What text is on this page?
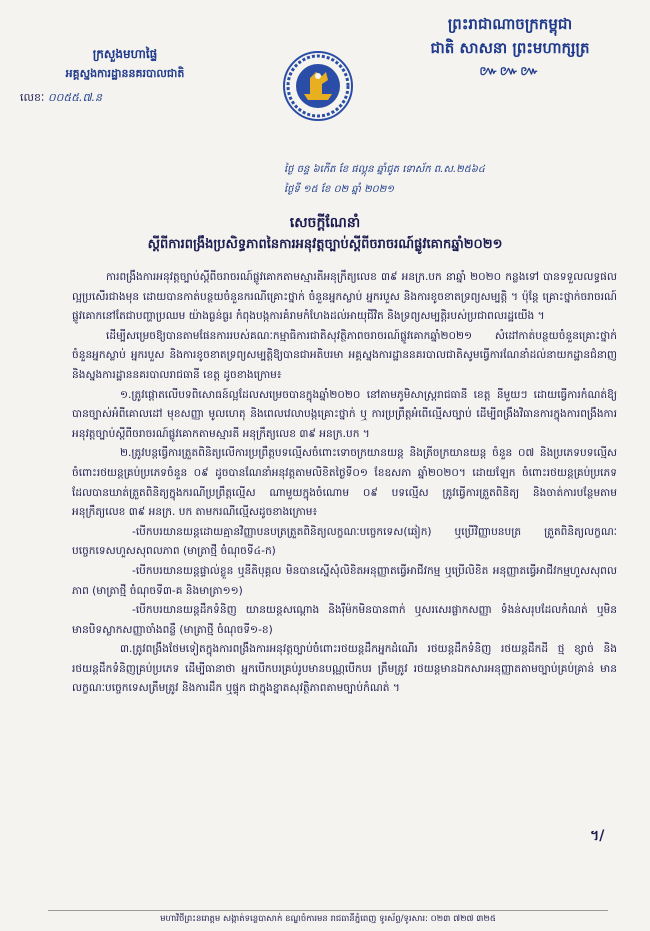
ព្រះរាជាណាចក្រកម្ពុជា
ជាតិ សាសនា ព្រះមហាក្សត្រ
៚៚៚
ក្រសួងមហាផ្ទៃ
អគ្គស្នងការដ្ឋាននគរបាលជាតិ
លេខៈ ០០៥៥.៧.ន
ថ្ងៃ ចន្ទ ៦កើត ខែ ផល្គុន ឆ្នាំជូត ទោស័ក ព.ស.២៥៦៤
ថ្ងៃទី ១៥ ខែ ០២ ឆ្នាំ ២០២១
សេចក្តីណែនាំ
ស្តីពីការពង្រឹងប្រសិទ្ធភាពនៃការអនុវត្តច្បាប់ស្តីពីចរាចរណ៍ផ្លូវគោកឆ្នាំ២០២១

ការពង្រឹងការអនុវត្តច្បាប់ស្តីពីចរាចរណ៍ផ្លូវគោកតាមស្មារតីអនុក្រឹត្យលេខ ៣៩ អនក្រ.បក នាឆ្នាំ ២០២០ កន្លងទៅ បានទទួលលទ្ធផលល្អប្រសើរជាងមុន ដោយបានកាត់បន្ថយចំនួនករណីគ្រោះថ្នាក់ ចំនួនអ្នកស្លាប់ អ្នករបួស និងការខូចខាតទ្រព្យសម្បត្តិ ។ ប៉ុន្តែ គ្រោះថ្នាក់ចរាចរណ៍ផ្លូវគោកនៅតែជាបញ្ហាប្រឈម យ៉ាងធ្ងន់ធ្ងរ កំពុងបង្កការគំរាមកំហែងដល់អាយុជីវិត និងទ្រព្យសម្បត្តិរបស់ប្រជាពលរដ្ឋយើង ។

ដើម្បីសម្រេចឱ្យបានតាមផែនការរបស់គណៈកម្មាធិការជាតិសុវត្ថិភាពចរាចរណ៍ផ្លូវគោកឆ្នាំ២០២១ សំដៅកាត់បន្ថយចំនួនគ្រោះថ្នាក់ ចំនួនអ្នកស្លាប់ អ្នករបួស និងការខូចខាតទ្រព្យសម្បត្តិឱ្យបានជាអតិបរមា អគ្គស្នងការដ្ឋាននគរបាលជាតិសូមធ្វើការណែនាំដល់នាយកដ្ឋានជំនាញ និងស្នងការដ្ឋាននគរបាលរាជធានី ខេត្ត ដូចខាងក្រោម៖

១.ត្រូវផ្តោតលើបទពិសោធន៍ល្អដែលសម្រេចបានក្នុងឆ្នាំ២០២០ នៅតាមភូមិសាស្ត្ររាជធានី ខេត្ត នីមួយៗ ដោយធ្វើការកំណត់ឱ្យបានច្បាស់អំពីគោលដៅ មុខសញ្ញា មូលហេតុ និងពេលវេលាបង្កគ្រោះថ្នាក់ ឬ ការប្រព្រឹត្តអំពើល្មើសច្បាប់ ដើម្បីពង្រឹងវិធានការក្នុងការពង្រឹងការអនុវត្តច្បាប់ស្តីពីចរាចរណ៍ផ្លូវគោកតាមស្មារតី អនុក្រឹត្យលេខ ៣៩ អនក្រ.បក ។

២.ត្រូវបន្តធ្វើការត្រួតពិនិត្យលើការប្រព្រឹត្តបទល្មើសចំពោះទោចក្រយានយន្ត និងត្រីចក្រយានយន្ត ចំនួន ០៧ និងប្រភេទបទល្មើសចំពោះរថយន្តគ្រប់ប្រភេទចំនួន ០៩ ដូចបានណែនាំអនុវត្តតាមលិខិតថ្ងៃទី០១ ខែឧសភា ឆ្នាំ២០២០។ ដោយឡែក ចំពោះរថយន្តគ្រប់ប្រភេទ ដែលបានឃាត់ត្រួតពិនិត្យក្នុងករណីប្រព្រឹត្តល្មើស ណាមួយក្នុងចំណោម ០៩ បទល្មើស ត្រូវធ្វើការត្រួតពិនិត្យ និងចាត់ការបន្ថែមតាមអនុក្រឹត្យលេខ ៣៩ អនក្រ. បក តាមករណីល្មើសដូចខាងក្រោម៖

-បើកបរយានយន្តដោយគ្មានវិញ្ញាបនបត្រត្រួតពិនិត្យលក្ខណៈបច្ចេកទេស(ឆៀក) ឬប្រើវិញ្ញាបនបត្រ ត្រួតពិនិត្យលក្ខណៈបច្ចេកទេសហួសសុពលភាព (មាត្រាថ្មី ចំណុចទី៤-ក)

-បើកបរយានយន្តផ្ទាល់ខ្លួន ឬនីតិបុគ្គល មិនបានស្នើសុំលិខិតអនុញ្ញាតធ្វើអាជីវកម្ម ឬប្រើលិខិត អនុញ្ញាតធ្វើអាជីវកម្មហួសសុពលភាព (មាត្រាថ្មី ចំណុចទី៣-គ និងមាត្រា១១)

-បើកបរយានយន្តដឹកទំនិញ យានយន្តសណ្តោង និងរ៉ឺម៉កមិនបានពាក់ ឬសរសេរផ្លាកសញ្ញា ទំងន់សរុបដែលកំណត់ ឬមិនមានបិទស្លាកសញ្ញាចាំងពន្លឺ (មាត្រាថ្មី ចំណុចទី១-ខ)

៣.ត្រូវពង្រឹងថែមទៀតក្នុងការពង្រឹងការអនុវត្តច្បាប់ចំពោះរថយន្តដឹកអ្នកដំណើរ រថយន្តដឹកទំនិញ រថយន្តដឹកដី ថ្ម ខ្សាច់ និងរថយន្តដឹកទំនិញគ្រប់ប្រភេទ ដើម្បីធានាថា អ្នកបើកបរគ្រប់រូបមានបណ្ណបើកបរ ត្រឹមត្រូវ រថយន្តមានឯកសារអនុញ្ញាតតាមច្បាប់គ្រប់គ្រាន់ មានលក្ខណៈបច្ចេកទេសត្រឹមត្រូវ និងការដឹក ឬផ្ទុក ជាក្នុងខ្នាតសុវត្ថិភាពតាមច្បាប់កំណត់ ។

។/
មហាវិថីព្រះនរោត្តម សង្កាត់ទន្លេបាសាក់ ខណ្ឌចំការមន រាជធានីភ្នំពេញ ទូរស័ព្ទ/ទូរសារ: ០២៣ ៧២៧ ៣២៥
